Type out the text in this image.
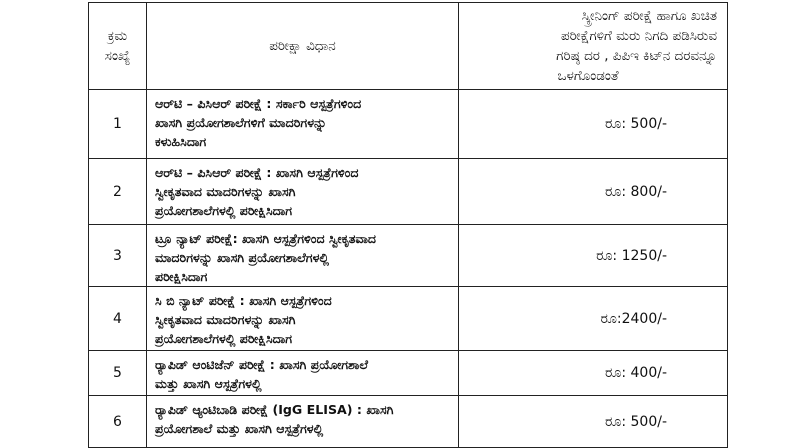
ಕ್ರಮ
ಸಂಖ್ಯೆ	ಪರೀಕ್ಷಾ ವಿಧಾನ	ಸ್ಕ್ರೀನಿಂಗ್ ಪರೀಕ್ಷೆ ಹಾಗೂ ಖಚಿತ
ಪರೀಕ್ಷೆಗಳಿಗೆ ಮರು ನಿಗದಿ ಪಡಿಸಿರುವ
ಗರಿಷ್ಠ ದರ , ಪಿಪಿಇ ಕಿಟ್‌ನ ದರವನ್ನೂ
ಒಳಗೊಂಡಂತೆ

1	ಆರ್‌ಟಿ – ಪಿಸಿಆರ್ ಪರೀಕ್ಷೆ : ಸರ್ಕಾರಿ ಆಸ್ಪತ್ರೆಗಳಿಂದ
ಖಾಸಗಿ ಪ್ರಯೋಗಶಾಲೆಗಳಿಗೆ ಮಾದರಿಗಳನ್ನು
ಕಳುಹಿಸಿದಾಗ	ರೂ: 500/-
2	ಆರ್‌ಟಿ – ಪಿಸಿಆರ್ ಪರೀಕ್ಷೆ : ಖಾಸಗಿ ಆಸ್ಪತ್ರೆಗಳಿಂದ
ಸ್ವೀಕೃತವಾದ ಮಾದರಿಗಳನ್ನು ಖಾಸಗಿ
ಪ್ರಯೋಗಶಾಲೆಗಳಲ್ಲಿ ಪರೀಕ್ಷಿಸಿದಾಗ	ರೂ: 800/-
3	ಟ್ರೂ ನ್ಯಾಟ್ ಪರೀಕ್ಷೆ: ಖಾಸಗಿ ಆಸ್ಪತ್ರೆಗಳಿಂದ ಸ್ವೀಕೃತವಾದ
ಮಾದರಿಗಳನ್ನು ಖಾಸಗಿ ಪ್ರಯೋಗಶಾಲೆಗಳಲ್ಲಿ
ಪರೀಕ್ಷಿಸಿದಾಗ	ರೂ: 1250/-
4	ಸಿ ಬಿ ನ್ಯಾಟ್ ಪರೀಕ್ಷೆ : ಖಾಸಗಿ ಆಸ್ಪತ್ರೆಗಳಿಂದ
ಸ್ವೀಕೃತವಾದ ಮಾದರಿಗಳನ್ನು ಖಾಸಗಿ
ಪ್ರಯೋಗಶಾಲೆಗಳಲ್ಲಿ ಪರೀಕ್ಷಿಸಿದಾಗ	ರೂ:2400/-
5	ರ್‍ಯಾಪಿಡ್ ಆಂಟಿಜೆನ್ ಪರೀಕ್ಷೆ : ಖಾಸಗಿ ಪ್ರಯೋಗಶಾಲೆ
ಮತ್ತು ಖಾಸಗಿ ಆಸ್ಪತ್ರೆಗಳಲ್ಲಿ	ರೂ: 400/-
6	ರ್‍ಯಾಪಿಡ್ ಆ್ಯಂಟಿಬಾಡಿ ಪರೀಕ್ಷೆ (IgG ELISA) : ಖಾಸಗಿ
ಪ್ರಯೋಗಶಾಲೆ ಮತ್ತು ಖಾಸಗಿ ಆಸ್ಪತ್ರೆಗಳಲ್ಲಿ	ರೂ: 500/-
